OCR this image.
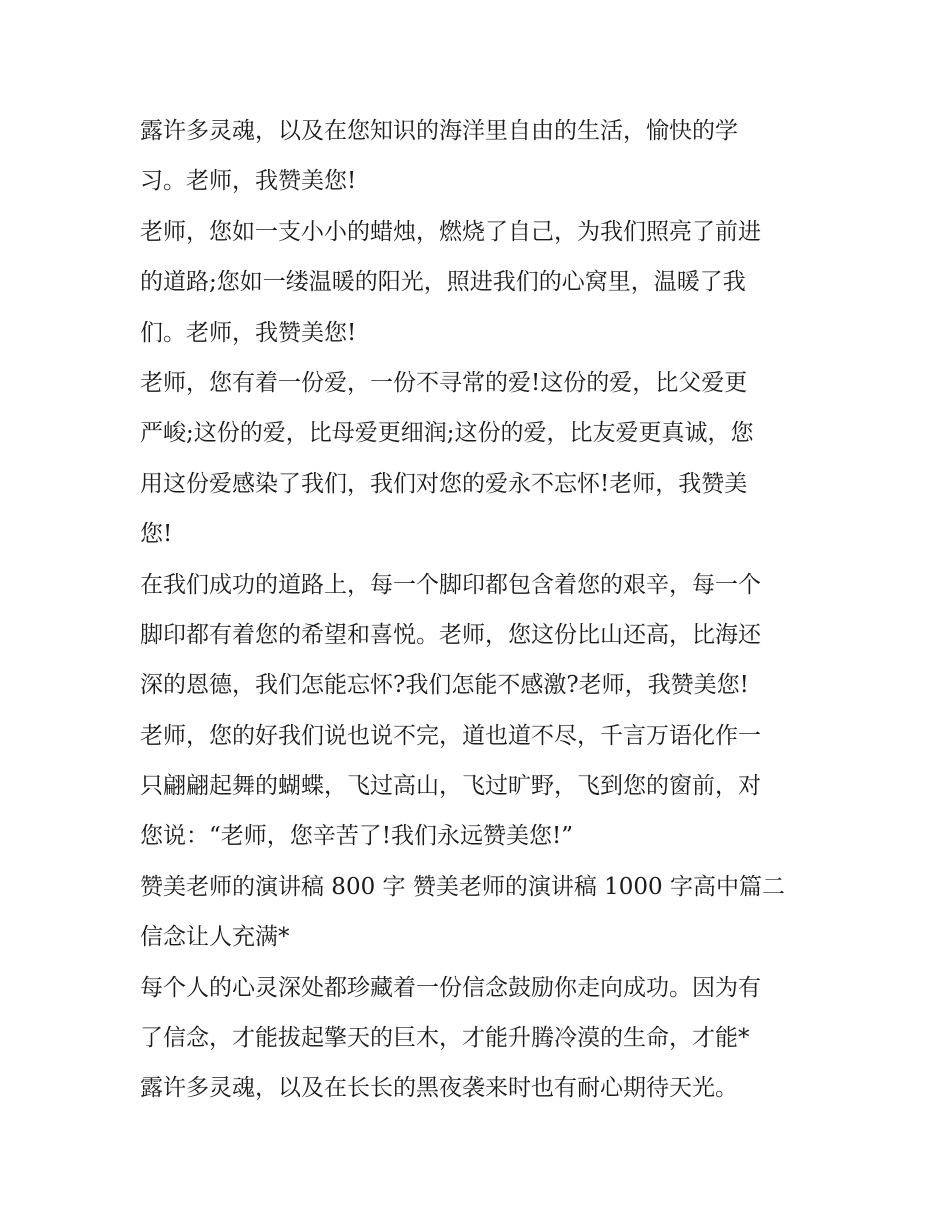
露许多灵魂，以及在您知识的海洋里自由的生活，愉快的学
习。老师，我赞美您!
老师，您如一支小小的蜡烛，燃烧了自己，为我们照亮了前进
的道路;您如一缕温暖的阳光，照进我们的心窝里，温暖了我
们。老师，我赞美您!
老师，您有着一份爱，一份不寻常的爱!这份的爱，比父爱更
严峻;这份的爱，比母爱更细润;这份的爱，比友爱更真诚，您
用这份爱感染了我们，我们对您的爱永不忘怀!老师，我赞美
您!
在我们成功的道路上，每一个脚印都包含着您的艰辛，每一个
脚印都有着您的希望和喜悦。老师，您这份比山还高，比海还
深的恩德，我们怎能忘怀?我们怎能不感激?老师，我赞美您!
老师，您的好我们说也说不完，道也道不尽，千言万语化作一
只翩翩起舞的蝴蝶，飞过高山，飞过旷野，飞到您的窗前，对
您说：“老师，您辛苦了!我们永远赞美您!”
赞美老师的演讲稿 800 字 赞美老师的演讲稿 1000 字高中篇二
信念让人充满*
每个人的心灵深处都珍藏着一份信念鼓励你走向成功。因为有
了信念，才能拔起擎天的巨木，才能升腾冷漠的生命，才能*
露许多灵魂，以及在长长的黑夜袭来时也有耐心期待天光。
